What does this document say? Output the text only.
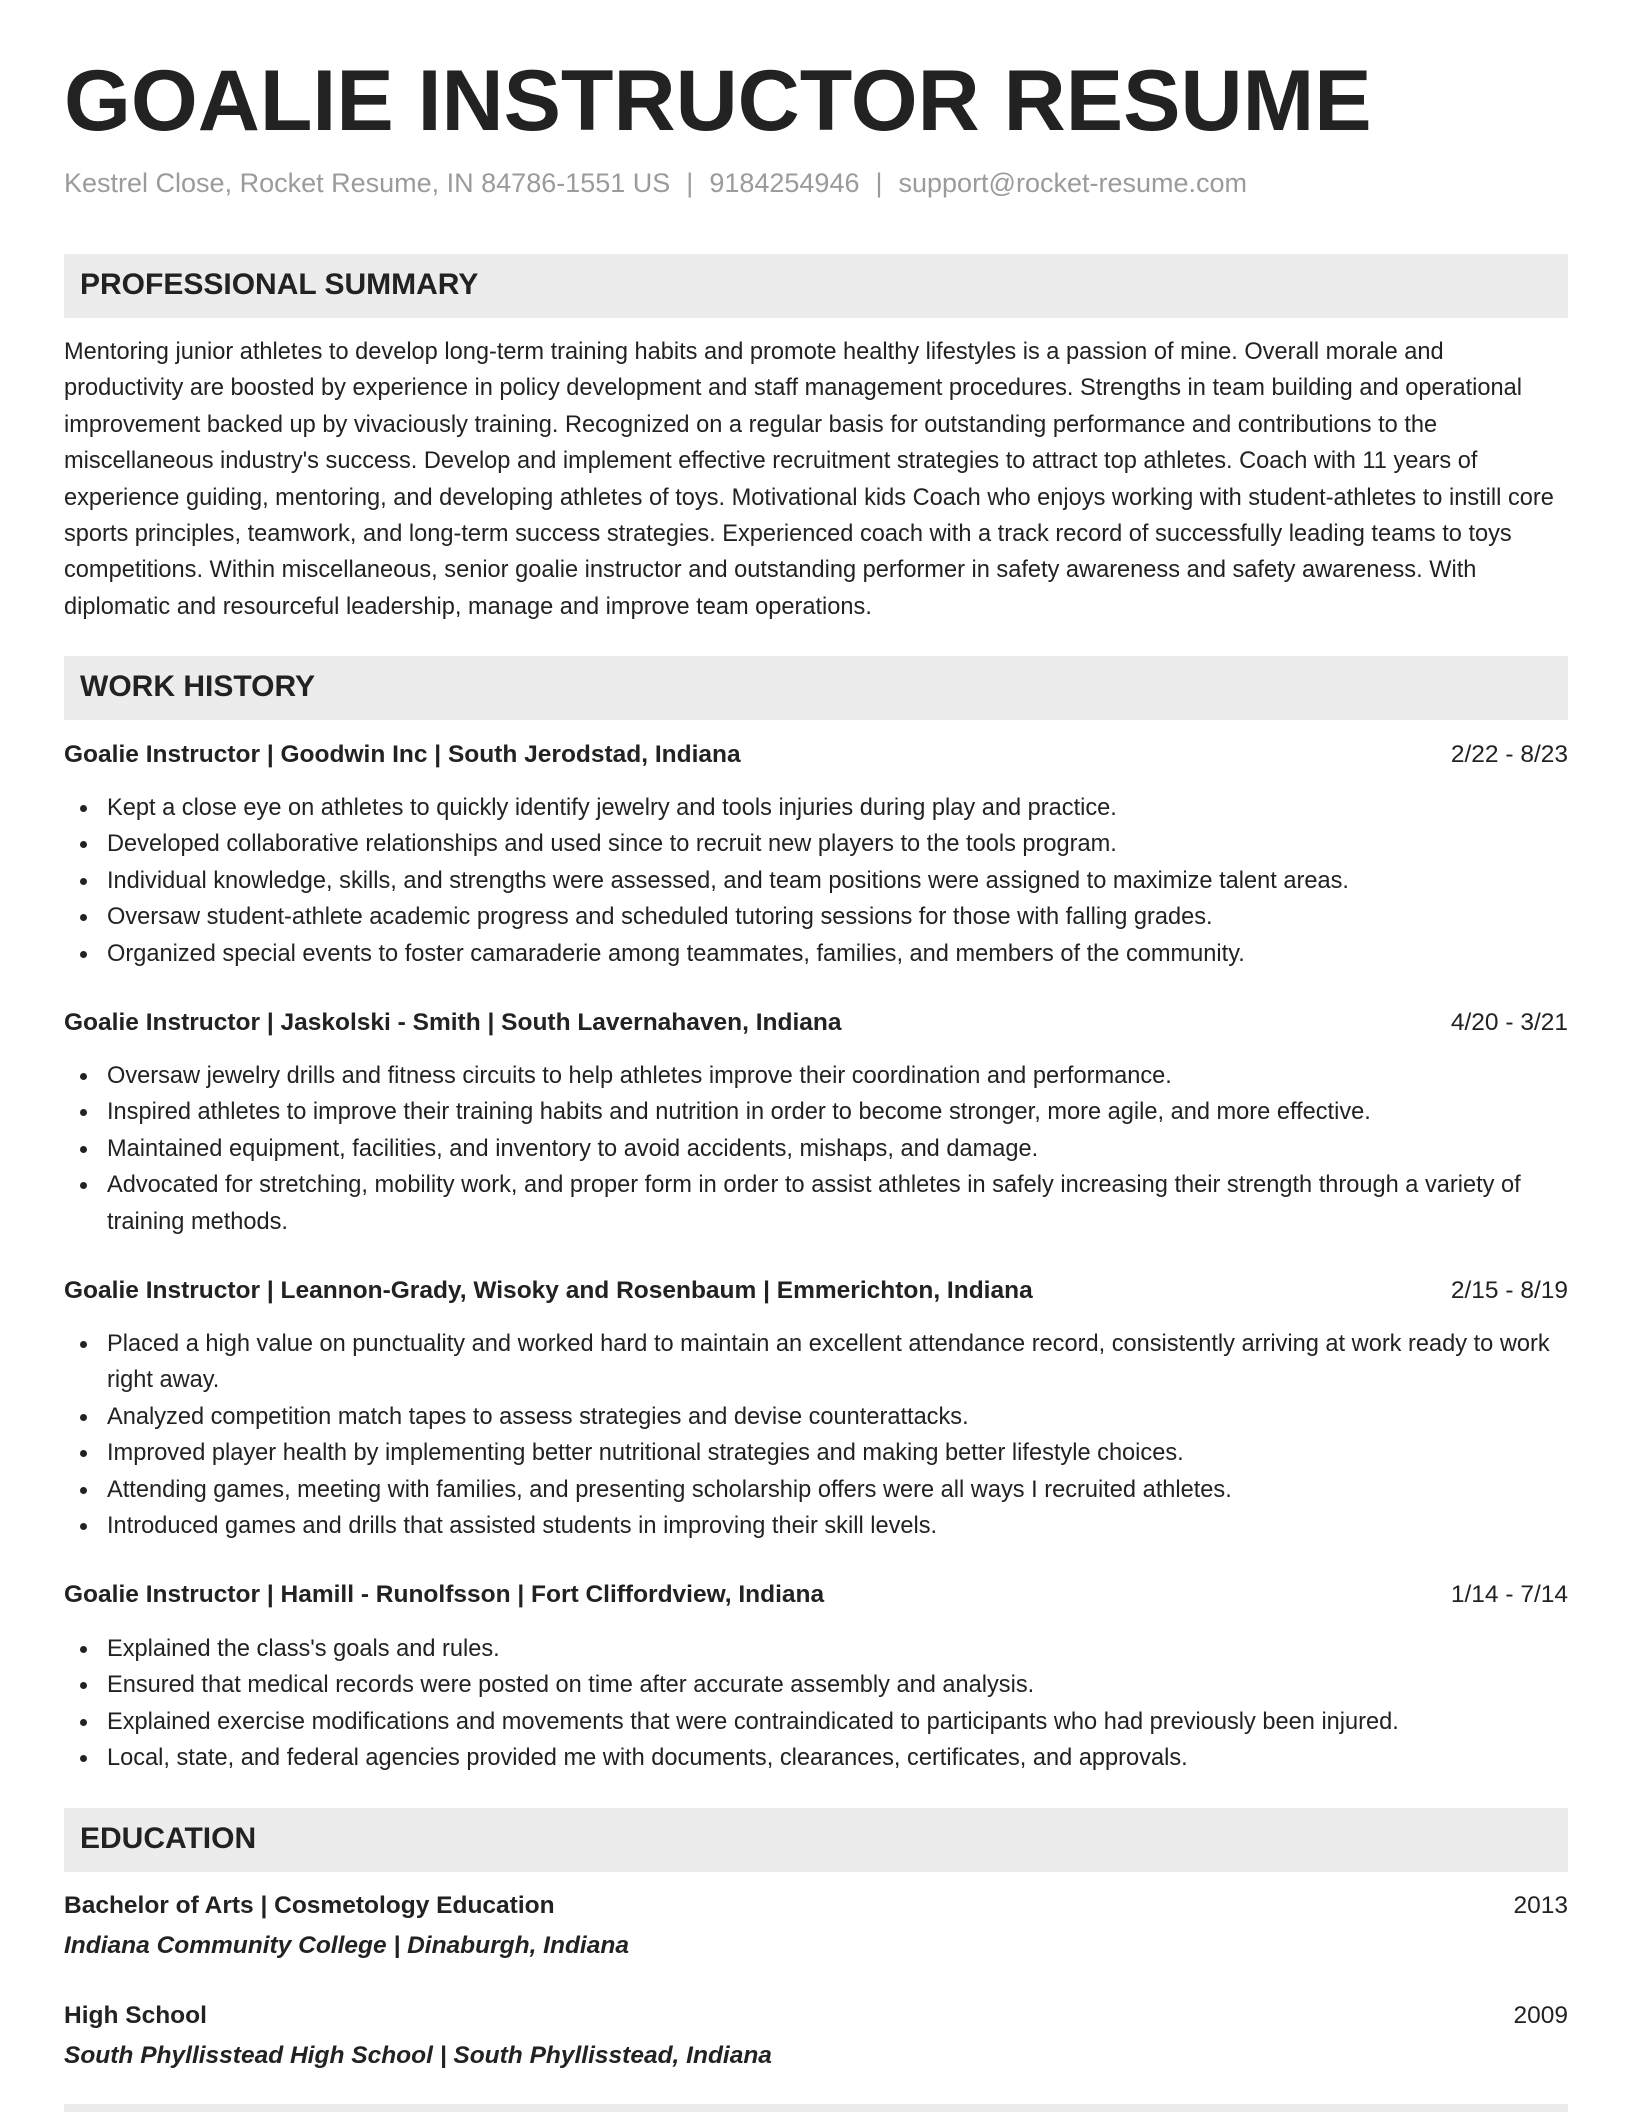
GOALIE INSTRUCTOR RESUME
Kestrel Close, Rocket Resume, IN 84786-1551 US | 9184254946 | support@rocket-resume.com
PROFESSIONAL SUMMARY

Mentoring junior athletes to develop long-term training habits and promote healthy lifestyles is a passion of mine. Overall morale and productivity are boosted by experience in policy development and staff management procedures. Strengths in team building and operational improvement backed up by vivaciously training. Recognized on a regular basis for outstanding performance and contributions to the miscellaneous industry's success. Develop and implement effective recruitment strategies to attract top athletes. Coach with 11 years of experience guiding, mentoring, and developing athletes of toys. Motivational kids Coach who enjoys working with student-athletes to instill core sports principles, teamwork, and long-term success strategies. Experienced coach with a track record of successfully leading teams to toys competitions. Within miscellaneous, senior goalie instructor and outstanding performer in safety awareness and safety awareness. With diplomatic and resourceful leadership, manage and improve team operations.

WORK HISTORY
Goalie Instructor | Goodwin Inc | South Jerodstad, Indiana	2/22 - 8/23
Kept a close eye on athletes to quickly identify jewelry and tools injuries during play and practice.
Developed collaborative relationships and used since to recruit new players to the tools program.
Individual knowledge, skills, and strengths were assessed, and team positions were assigned to maximize talent areas.
Oversaw student-athlete academic progress and scheduled tutoring sessions for those with falling grades.
Organized special events to foster camaraderie among teammates, families, and members of the community.
Goalie Instructor | Jaskolski - Smith | South Lavernahaven, Indiana	4/20 - 3/21
Oversaw jewelry drills and fitness circuits to help athletes improve their coordination and performance.
Inspired athletes to improve their training habits and nutrition in order to become stronger, more agile, and more effective.
Maintained equipment, facilities, and inventory to avoid accidents, mishaps, and damage.
Advocated for stretching, mobility work, and proper form in order to assist athletes in safely increasing their strength through a variety of training methods.
Goalie Instructor | Leannon-Grady, Wisoky and Rosenbaum | Emmerichton, Indiana	2/15 - 8/19
Placed a high value on punctuality and worked hard to maintain an excellent attendance record, consistently arriving at work ready to work right away.
Analyzed competition match tapes to assess strategies and devise counterattacks.
Improved player health by implementing better nutritional strategies and making better lifestyle choices.
Attending games, meeting with families, and presenting scholarship offers were all ways I recruited athletes.
Introduced games and drills that assisted students in improving their skill levels.
Goalie Instructor | Hamill - Runolfsson | Fort Cliffordview, Indiana	1/14 - 7/14
Explained the class's goals and rules.
Ensured that medical records were posted on time after accurate assembly and analysis.
Explained exercise modifications and movements that were contraindicated to participants who had previously been injured.
Local, state, and federal agencies provided me with documents, clearances, certificates, and approvals.
EDUCATION
Bachelor of Arts | Cosmetology Education	2013
Indiana Community College | Dinaburgh, Indiana
High School	2009
South Phyllisstead High School | South Phyllisstead, Indiana
